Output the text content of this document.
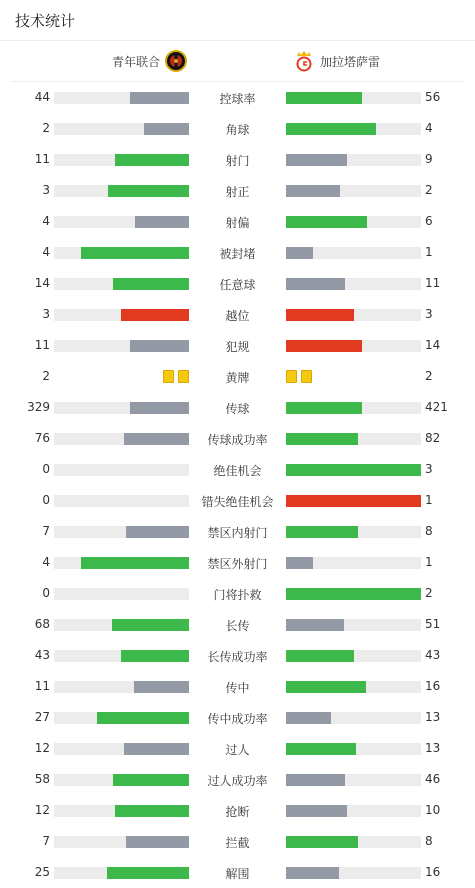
技术统计
青年联合	加拉塔萨雷
44	控球率	56
2	角球	4
11	射门	9
3	射正	2
4	射偏	6
4	被封堵	1
14	任意球	11
3	越位	3
11	犯规	14
2	黄牌	2
329	传球	421
76	传球成功率	82
0	绝佳机会	3
0	错失绝佳机会	1
7	禁区内射门	8
4	禁区外射门	1
0	门将扑救	2
68	长传	51
43	长传成功率	43
11	传中	16
27	传中成功率	13
12	过人	13
58	过人成功率	46
12	抢断	10
7	拦截	8
25	解围	16
